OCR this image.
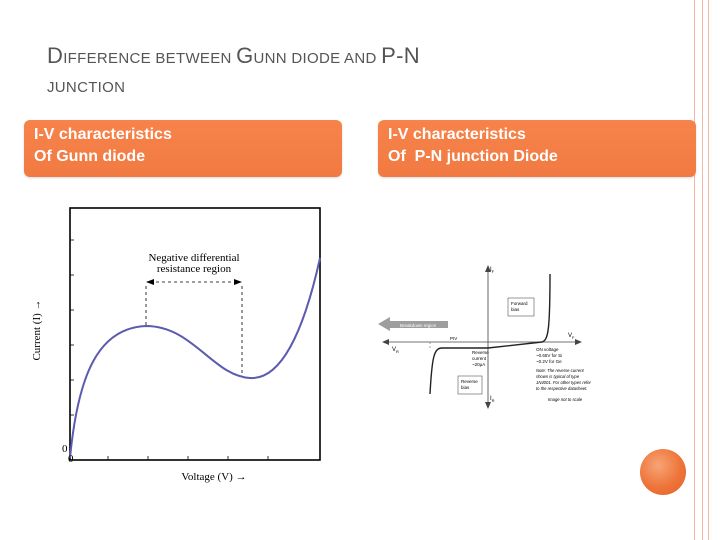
DIFFERENCE BETWEEN GUNN DIODE AND P-N
JUNCTION
I-V characteristics
Of Gunn diode
I-V characteristics
Of  P-N junction Diode
Negative differential
resistance region
Current (I) →
0
0
Voltage (V) →
Breakdown region
Forward
bias
Reverse
bias
$I_F$
$I_R$
$V_F$
$V_R$
PIV
Reverse
current
~20μA
ON voltage
~0.65V for Si
~0.2V for Ge
Note: The reverse current
shown is typical of type
1N4001. For other types refer
to the respective datasheet.
Image not to scale
